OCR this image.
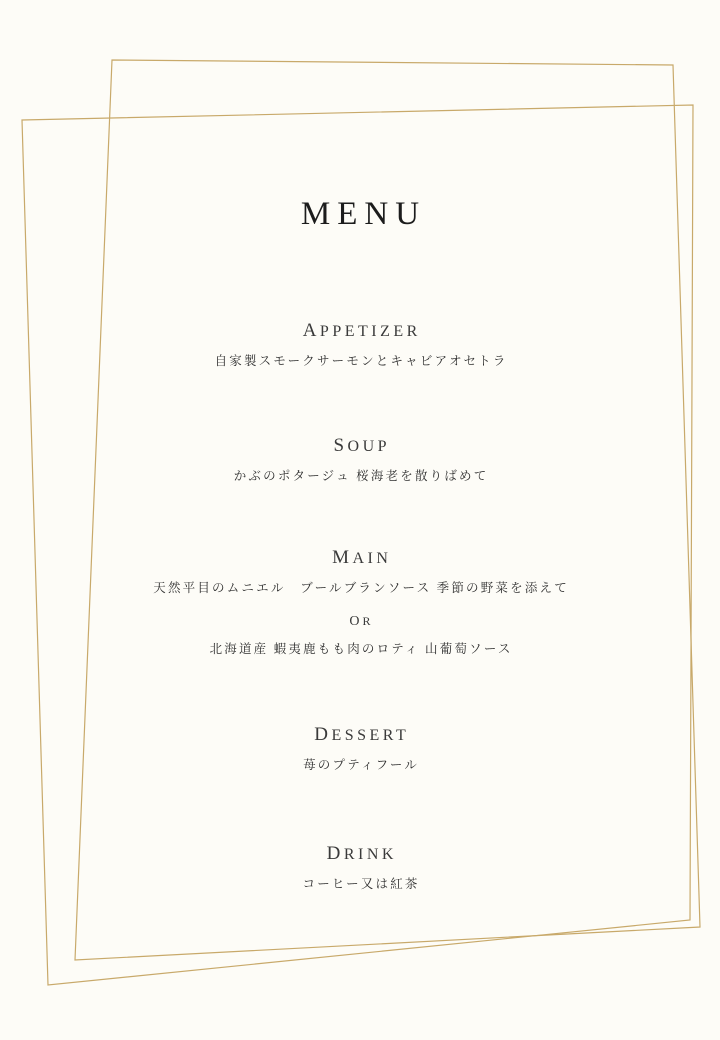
MENU
APPETIZER
自家製スモークサーモンとキャビアオセトラ
SOUP
かぶのポタージュ 桜海老を散りばめて
MAIN
天然平目のムニエル　ブールブランソース 季節の野菜を添えて
OR
北海道産 蝦夷鹿もも肉のロティ 山葡萄ソース
DESSERT
苺のプティフール
DRINK
コーヒー又は紅茶
